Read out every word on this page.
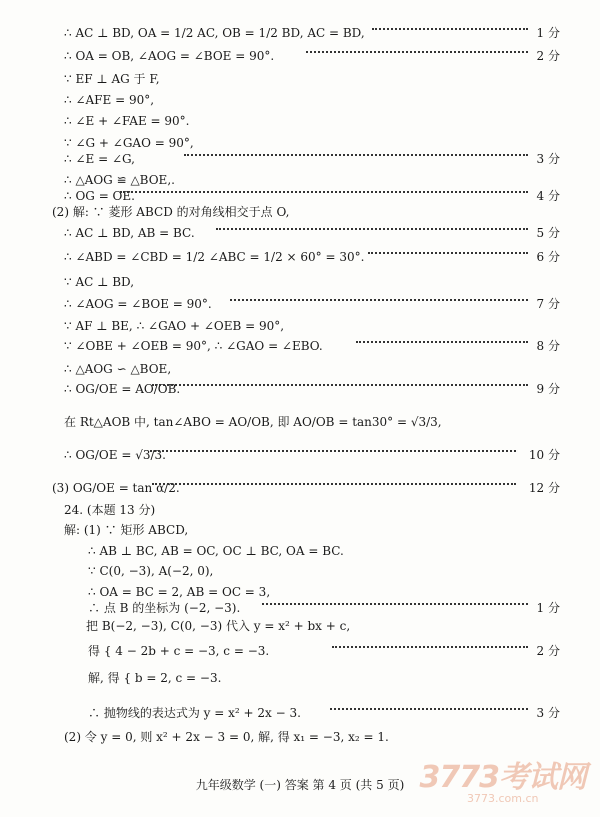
∴ AC ⊥ BD, OA = 1/2 AC, OB = 1/2 BD, AC = BD,	1 分
∴ OA = OB, ∠AOG = ∠BOE = 90°.	2 分
∵ EF ⊥ AG 于 F,
∴ ∠AFE = 90°,
∴ ∠E + ∠FAE = 90°.
∵ ∠G + ∠GAO = 90°,
∴ ∠E = ∠G,	3 分
∴ △AOG ≌ △BOE,.
∴ OG = OE.	4 分
(2) 解: ∵ 菱形 ABCD 的对角线相交于点 O,
∴ AC ⊥ BD, AB = BC.	5 分
∴ ∠ABD = ∠CBD = 1/2 ∠ABC = 1/2 × 60° = 30°.	6 分
∵ AC ⊥ BD,
∴ ∠AOG = ∠BOE = 90°.	7 分
∵ AF ⊥ BE, ∴ ∠GAO + ∠OEB = 90°,
∵ ∠OBE + ∠OEB = 90°, ∴ ∠GAO = ∠EBO.	8 分
∴ △AOG ∽ △BOE,
∴ OG/OE = AO/OB.	9 分
在 Rt△AOB 中, tan∠ABO = AO/OB, 即 AO/OB = tan30° = √3/3,
∴ OG/OE = √3/3.	10 分
(3) OG/OE = tan α/2.	12 分
24. (本题 13 分)
解: (1) ∵ 矩形 ABCD,
∴ AB ⊥ BC, AB = OC, OC ⊥ BC, OA = BC.
∵ C(0, −3), A(−2, 0),
∴ OA = BC = 2, AB = OC = 3,
∴ 点 B 的坐标为 (−2, −3).	1 分
把 B(−2, −3), C(0, −3) 代入 y = x² + bx + c,
得 { 4 − 2b + c = −3, c = −3.	2 分
解, 得 { b = 2, c = −3.
∴ 抛物线的表达式为 y = x² + 2x − 3.	3 分
(2) 令 y = 0, 则 x² + 2x − 3 = 0, 解, 得 x₁ = −3, x₂ = 1.
九年级数学 (一) 答案 第 4 页 (共 5 页) 3773考试网
3773.com.cn
